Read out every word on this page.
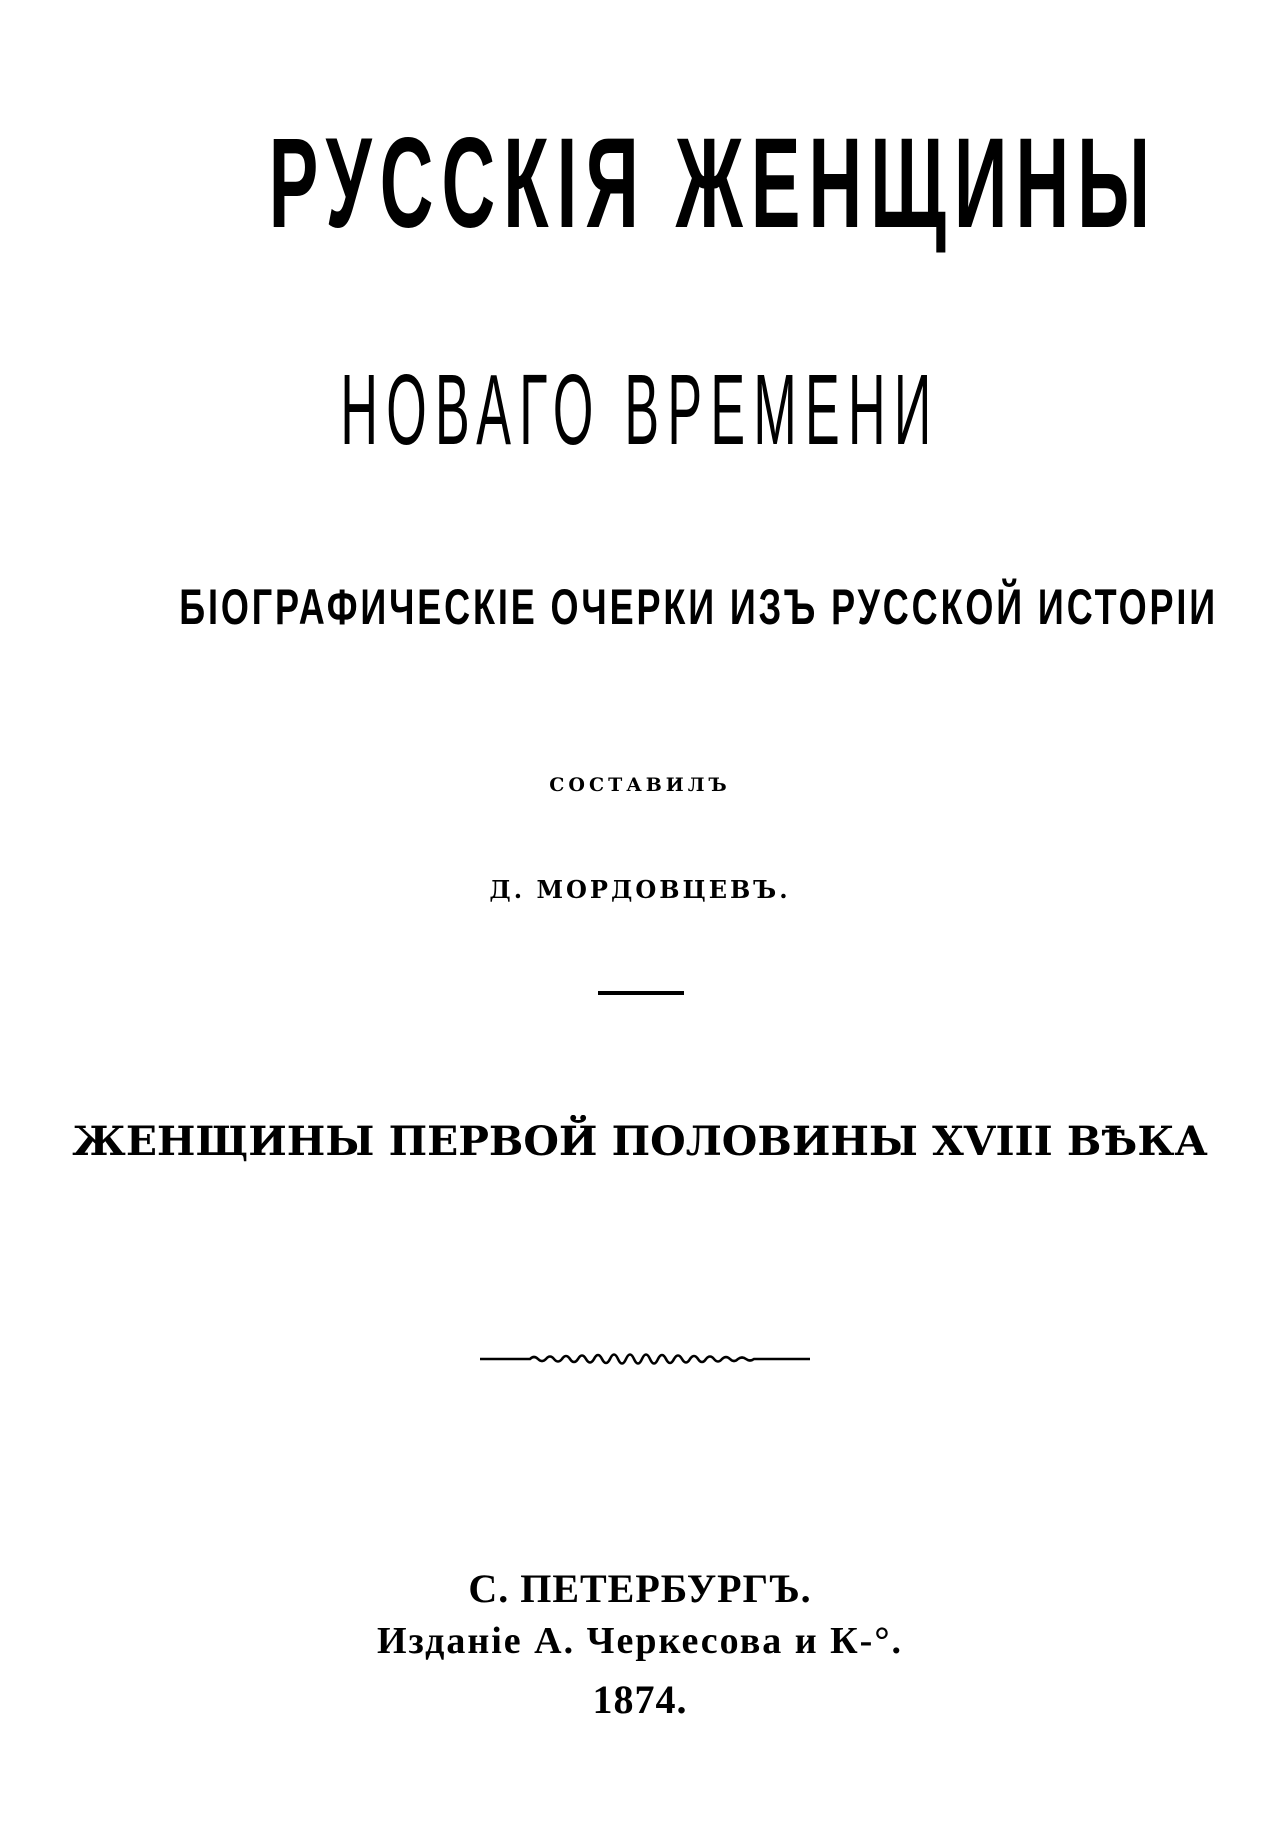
РУССКІЯ ЖЕНЩИНЫ
НОВАГО ВРЕМЕНИ
БІОГРАФИЧЕСКІЕ ОЧЕРКИ ИЗЪ РУССКОЙ ИСТОРІИ
СОСТАВИЛЪ
Д. МОРДОВЦЕВЪ.
ЖЕНЩИНЫ ПЕРВОЙ ПОЛОВИНЫ XVIII ВѢКА
С. ПЕТЕРБУРГЪ.
Изданіе А. Черкесова и К-°.
1874.
